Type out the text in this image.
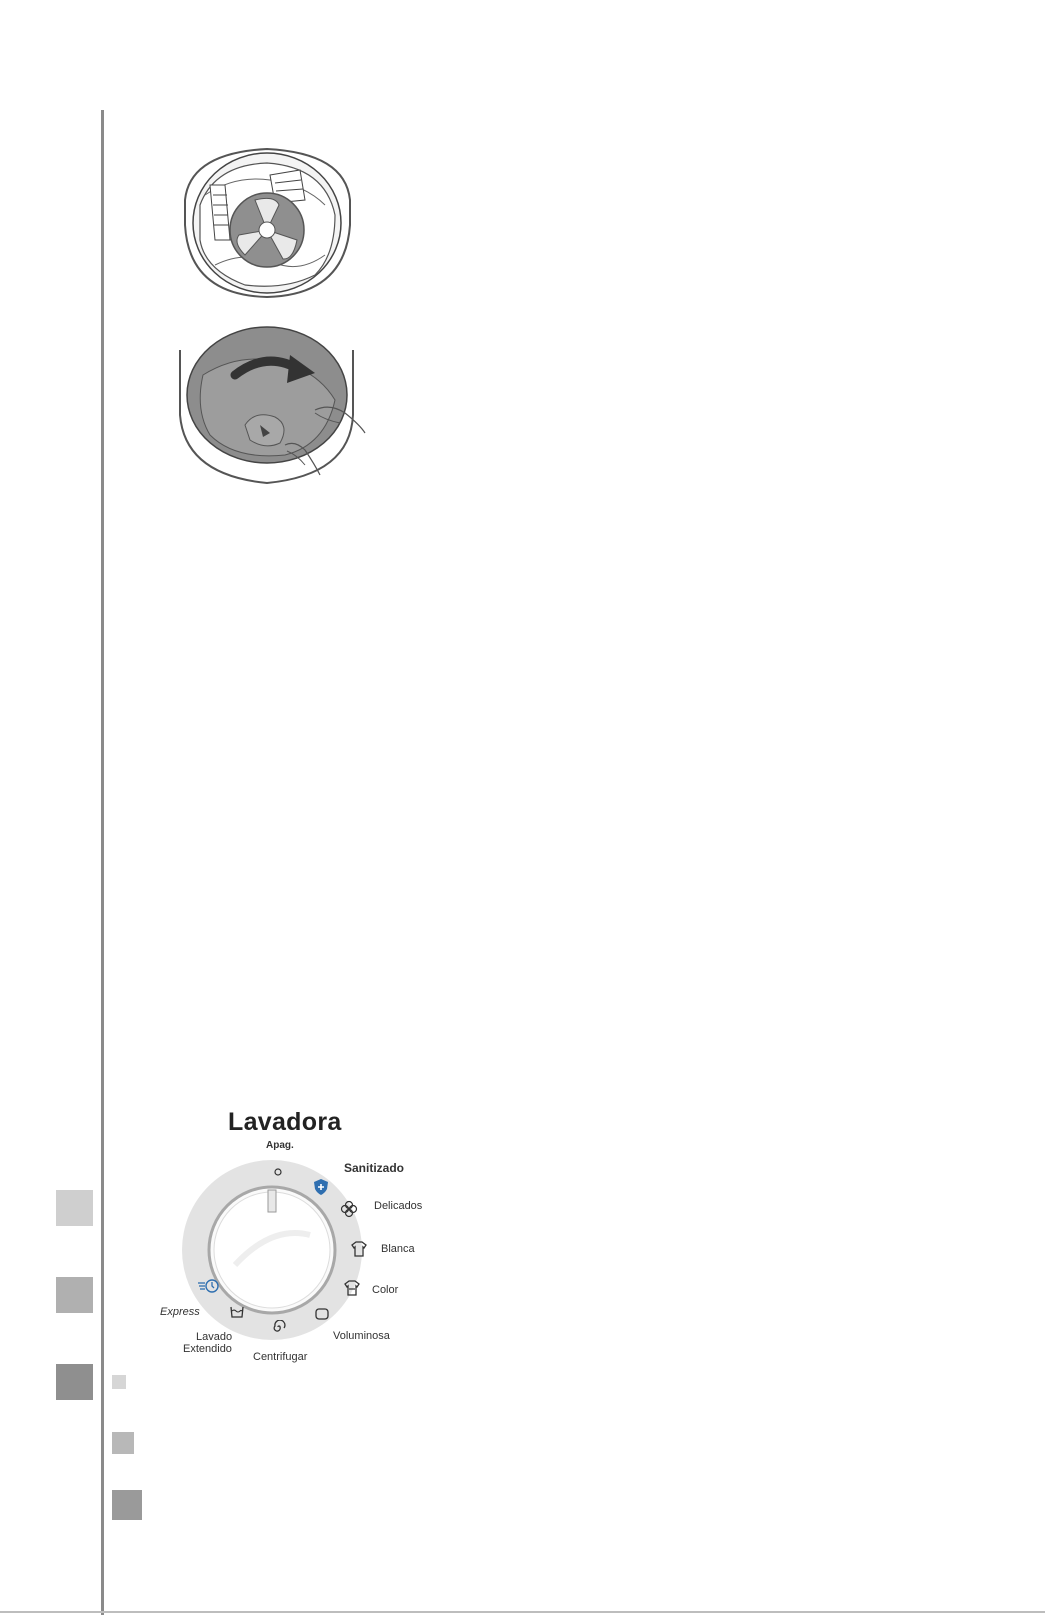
Lavadora
Apag.
Sanitizado
Delicados
Blanca
Color
Voluminosa
Centrifugar
Lavado
Extendido
Express
